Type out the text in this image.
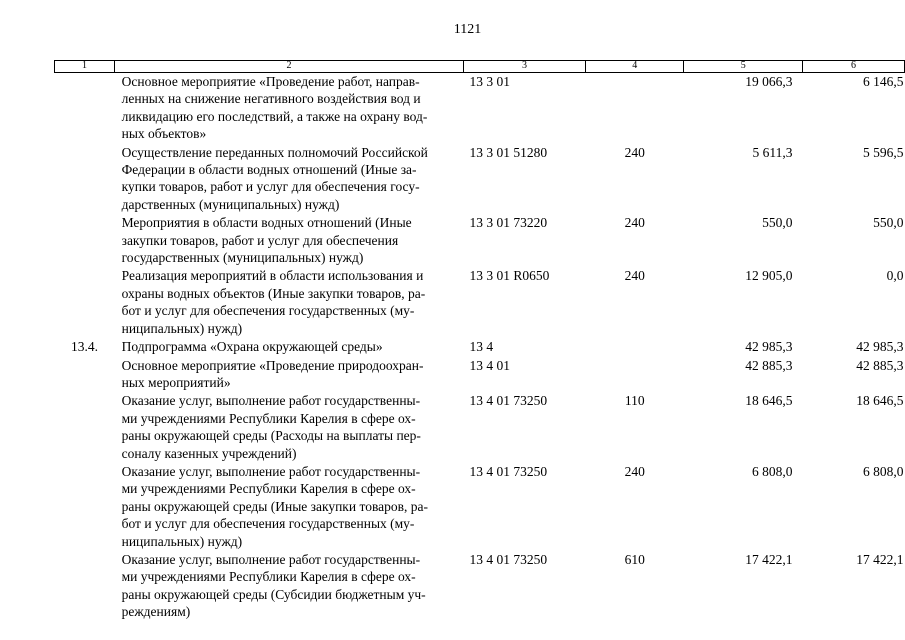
1121
1	2	3	4	5	6

	Основное мероприятие «Проведение работ, направ-
ленных на снижение негативного воздействия вод и
ликвидацию его последствий, а также на охрану вод-
ных объектов»	13 3 01		19 066,3	6 146,5

	Осуществление переданных полномочий Российской
Федерации в области водных отношений (Иные за-
купки товаров, работ и услуг для обеспечения госу-
дарственных (муниципальных) нужд)	13 3 01 51280	240	5 611,3	5 596,5

	Мероприятия в области водных отношений (Иные
закупки товаров, работ и услуг для обеспечения
государственных (муниципальных) нужд)	13 3 01 73220	240	550,0	550,0

	Реализация мероприятий в области использования и
охраны водных объектов (Иные закупки товаров, ра-
бот и услуг для обеспечения государственных (му-
ниципальных) нужд)	13 3 01 R0650	240	12 905,0	0,0
13.4.	Подпрограмма «Охрана окружающей среды»	13 4		42 985,3	42 985,3

	Основное мероприятие «Проведение природоохран-
ных мероприятий»	13 4 01		42 885,3	42 885,3

	Оказание услуг, выполнение работ государственны-
ми учреждениями Республики Карелия в сфере ох-
раны окружающей среды (Расходы на выплаты пер-
соналу казенных учреждений)	13 4 01 73250	110	18 646,5	18 646,5

	Оказание услуг, выполнение работ государственны-
ми учреждениями Республики Карелия в сфере ох-
раны окружающей среды (Иные закупки товаров, ра-
бот и услуг для обеспечения государственных (му-
ниципальных) нужд)	13 4 01 73250	240	6 808,0	6 808,0

	Оказание услуг, выполнение работ государственны-
ми учреждениями Республики Карелия в сфере ох-
раны окружающей среды (Субсидии бюджетным уч-
реждениям)	13 4 01 73250	610	17 422,1	17 422,1
